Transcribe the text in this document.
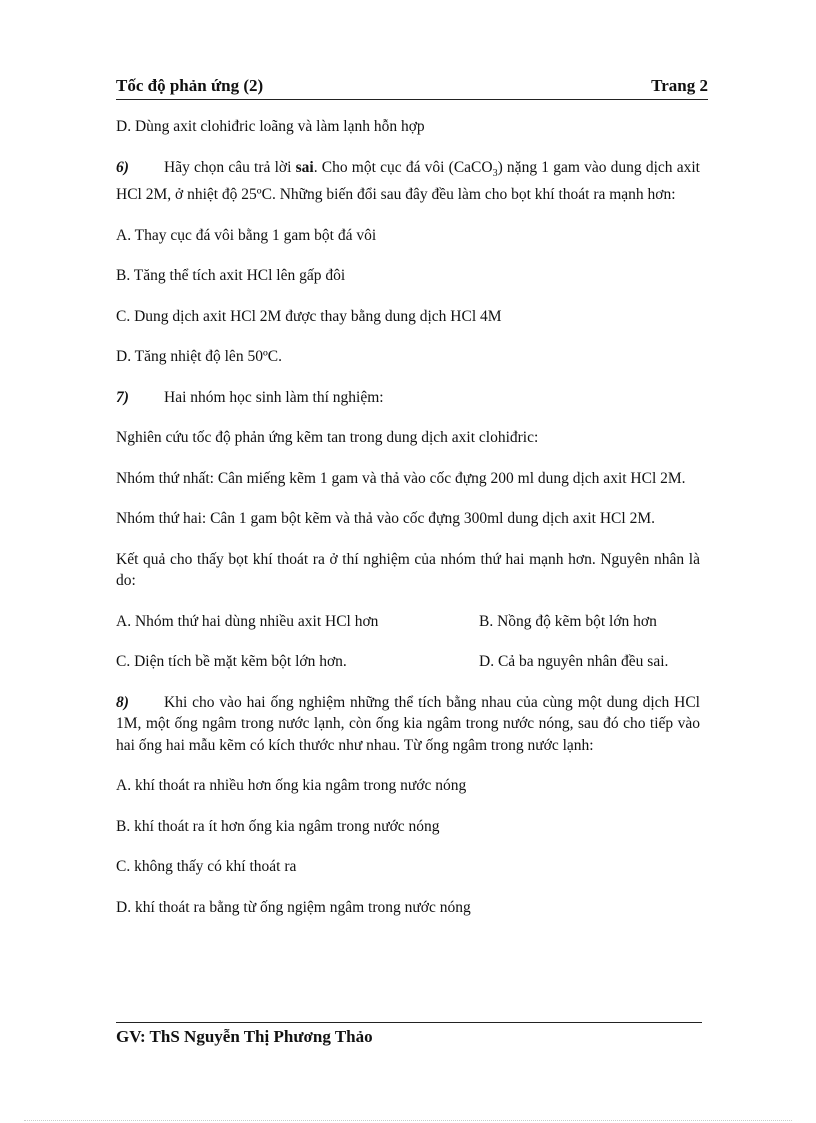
Tốc độ phản ứng (2)	Trang 2

D. Dùng axit clohiđric loãng và làm lạnh hỗn hợp

6) Hãy chọn câu trả lời sai. Cho một cục đá vôi (CaCO$_3$) nặng 1 gam vào dung dịch axit HCl 2M, ở nhiệt độ 25ºC. Những biến đổi sau đây đều làm cho bọt khí thoát ra mạnh hơn:

A. Thay cục đá vôi bằng 1 gam bột đá vôi

B. Tăng thể tích axit HCl lên gấp đôi

C. Dung dịch axit HCl 2M được thay bằng dung dịch HCl 4M

D. Tăng nhiệt độ lên 50ºC.

7) Hai nhóm học sinh làm thí nghiệm:

Nghiên cứu tốc độ phản ứng kẽm tan trong dung dịch axit clohiđric:

Nhóm thứ nhất: Cân miếng kẽm 1 gam và thả vào cốc đựng 200 ml dung dịch axit HCl 2M.

Nhóm thứ hai: Cân 1 gam bột kẽm và thả vào cốc đựng 300ml dung dịch axit HCl 2M.

Kết quả cho thấy bọt khí thoát ra ở thí nghiệm của nhóm thứ hai mạnh hơn. Nguyên nhân là do:

A. Nhóm thứ hai dùng nhiều axit HCl hơn	B. Nồng độ kẽm bột lớn hơn
C. Diện tích bề mặt kẽm bột lớn hơn.	D. Cả ba nguyên nhân đều sai.

8) Khi cho vào hai ống nghiệm những thể tích bằng nhau của cùng một dung dịch HCl 1M, một ống ngâm trong nước lạnh, còn ống kia ngâm trong nước nóng, sau đó cho tiếp vào hai ống hai mẫu kẽm có kích thước như nhau. Từ ống ngâm trong nước lạnh:

A. khí thoát ra nhiều hơn ống kia ngâm trong nước nóng

B. khí thoát ra ít hơn ống kia ngâm trong nước nóng

C. không thấy có khí thoát ra

D. khí thoát ra bằng từ ống ngiệm ngâm trong nước nóng

GV: ThS Nguyễn Thị Phương Thảo
